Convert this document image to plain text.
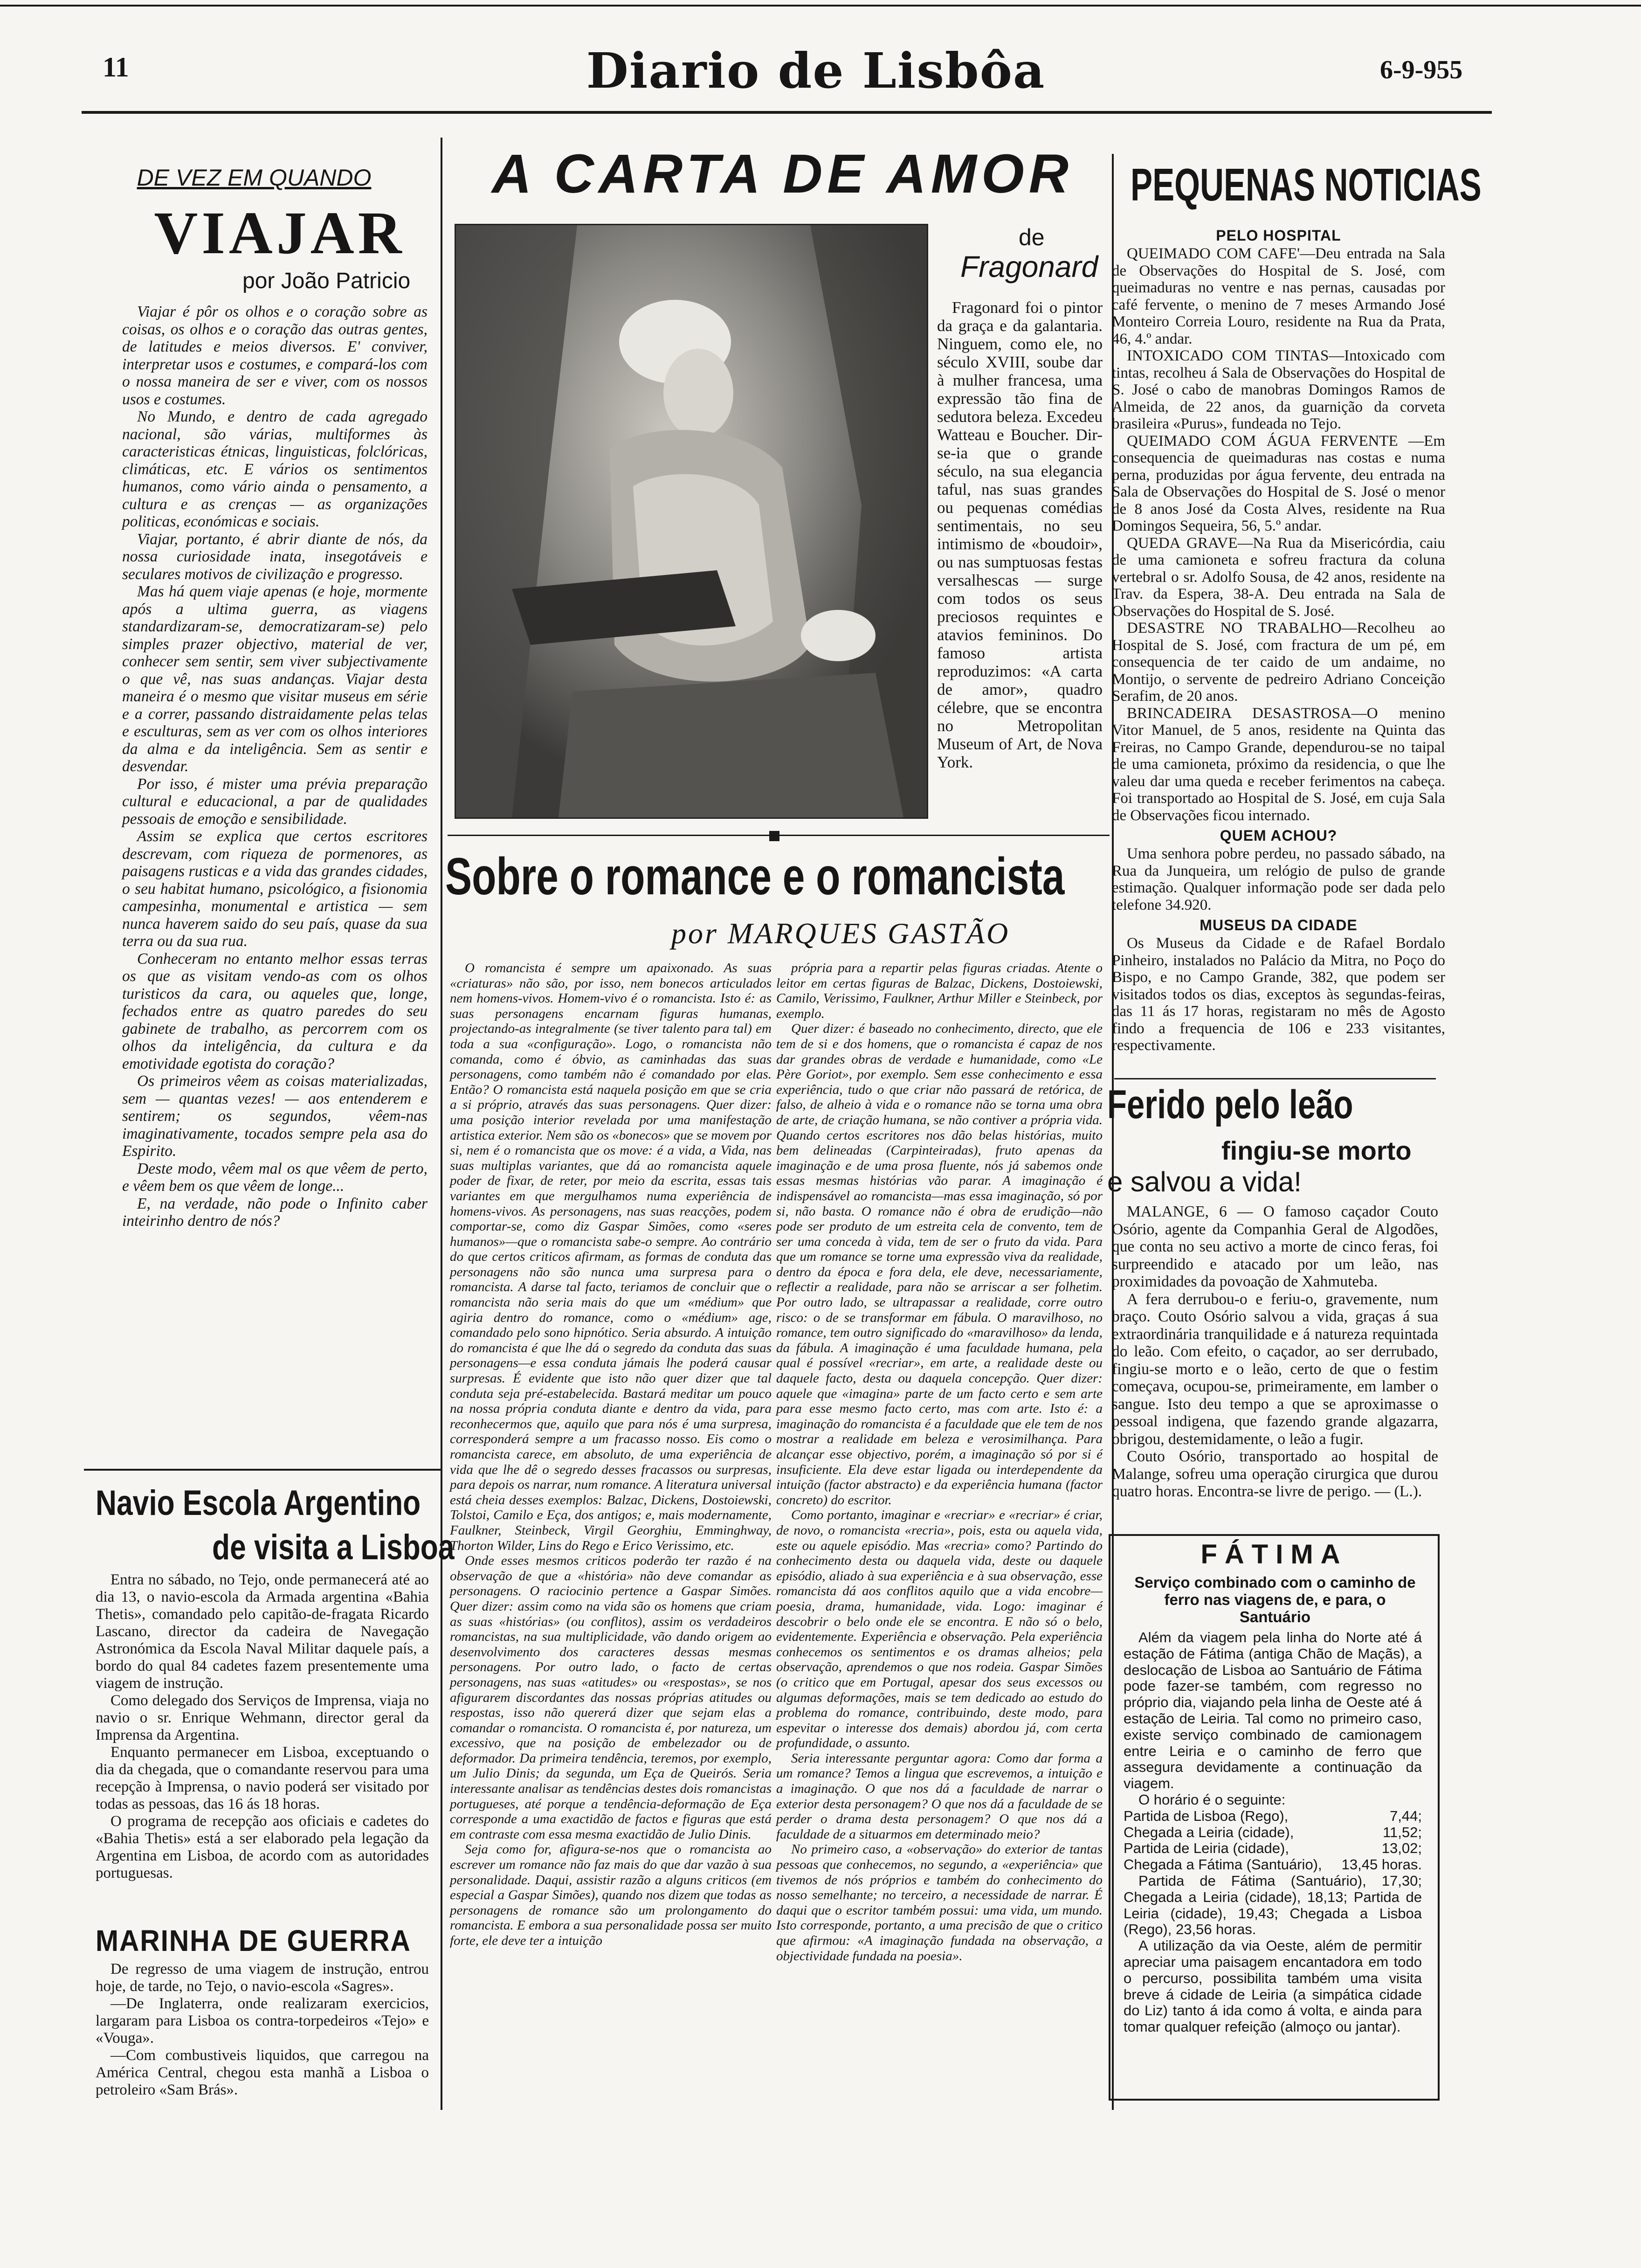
11	Diario de Lisbôa	6-9-955
DE VEZ EM QUANDO
VIAJAR
por João Patricio

Viajar é pôr os olhos e o coração sobre as coisas, os olhos e o coração das outras gentes, de latitudes e meios diversos. E' conviver, interpretar usos e costumes, e compará-los com o nossa maneira de ser e viver, com os nossos usos e costumes.

No Mundo, e dentro de cada agregado nacional, são várias, multiformes às caracteristicas étnicas, linguisticas, folclóricas, climáticas, etc. E vários os sentimentos humanos, como vário ainda o pensamento, a cultura e as crenças — as organizações politicas, económicas e sociais.

Viajar, portanto, é abrir diante de nós, da nossa curiosidade inata, insegotáveis e seculares motivos de civilização e progresso.

Mas há quem viaje apenas (e hoje, mormente após a ultima guerra, as viagens standardizaram-se, democratizaram-se) pelo simples prazer objectivo, material de ver, conhecer sem sentir, sem viver subjectivamente o que vê, nas suas andanças. Viajar desta maneira é o mesmo que visitar museus em série e a correr, passando distraidamente pelas telas e esculturas, sem as ver com os olhos interiores da alma e da inteligência. Sem as sentir e desvendar.

Por isso, é mister uma prévia preparação cultural e educacional, a par de qualidades pessoais de emoção e sensibilidade.

Assim se explica que certos escritores descrevam, com riqueza de pormenores, as paisagens rusticas e a vida das grandes cidades, o seu habitat humano, psicológico, a fisionomia campesinha, monumental e artistica — sem nunca haverem saido do seu país, quase da sua terra ou da sua rua.

Conheceram no entanto melhor essas terras os que as visitam vendo-as com os olhos turisticos da cara, ou aqueles que, longe, fechados entre as quatro paredes do seu gabinete de trabalho, as percorrem com os olhos da inteligência, da cultura e da emotividade egotista do coração?

Os primeiros vêem as coisas materializadas, sem — quantas vezes! — aos entenderem e sentirem; os segundos, vêem-nas imaginativamente, tocados sempre pela asa do Espirito.

Deste modo, vêem mal os que vêem de perto, e vêem bem os que vêem de longe...

E, na verdade, não pode o Infinito caber inteirinho dentro de nós?

Navio Escola Argentino
de visita a Lisboa

Entra no sábado, no Tejo, onde permanecerá até ao dia 13, o navio-escola da Armada argentina «Bahia Thetis», comandado pelo capitão-de-fragata Ricardo Lascano, director da cadeira de Navegação Astronómica da Escola Naval Militar daquele país, a bordo do qual 84 cadetes fazem presentemente uma viagem de instrução.

Como delegado dos Serviços de Imprensa, viaja no navio o sr. Enrique Wehmann, director geral da Imprensa da Argentina.

Enquanto permanecer em Lisboa, exceptuando o dia da chegada, que o comandante reservou para uma recepção à Imprensa, o navio poderá ser visitado por todas as pessoas, das 16 ás 18 horas.

O programa de recepção aos oficiais e cadetes do «Bahia Thetis» está a ser elaborado pela legação da Argentina em Lisboa, de acordo com as autoridades portuguesas.

MARINHA DE GUERRA

De regresso de uma viagem de instrução, entrou hoje, de tarde, no Tejo, o navio-escola «Sagres».

—De Inglaterra, onde realizaram exercicios, largaram para Lisboa os contra-torpedeiros «Tejo» e «Vouga».

—Com combustiveis liquidos, que carregou na América Central, chegou esta manhã a Lisboa o petroleiro «Sam Brás».

A CARTA DE AMOR
de
Fragonard

Fragonard foi o pintor da graça e da galantaria. Ninguem, como ele, no século XVIII, soube dar à mulher francesa, uma expressão tão fina de sedutora beleza. Excedeu Watteau e Boucher. Dir-se-ia que o grande século, na sua elegancia taful, nas suas grandes ou pequenas comédias sentimentais, no seu intimismo de «boudoir», ou nas sumptuosas festas versalhescas — surge com todos os seus preciosos requintes e atavios femininos. Do famoso artista reproduzimos: «A carta de amor», quadro célebre, que se encontra no Metropolitan Museum of Art, de Nova York.

Sobre o romance e o romancista
por MARQUES GASTÃO

O romancista é sempre um apaixonado. As suas «criaturas» não são, por isso, nem bonecos articulados nem homens-vivos. Homem-vivo é o romancista. Isto é: as suas personagens encarnam figuras humanas, projectando-as integralmente (se tiver talento para tal) em toda a sua «configuração». Logo, o romancista não comanda, como é óbvio, as caminhadas das suas personagens, como também não é comandado por elas. Então? O romancista está naquela posição em que se cria a si próprio, através das suas personagens. Quer dizer: uma posição interior revelada por uma manifestação artistica exterior. Nem são os «bonecos» que se movem por si, nem é o romancista que os move: é a vida, a Vida, nas suas multiplas variantes, que dá ao romancista aquele poder de fixar, de reter, por meio da escrita, essas tais variantes em que mergulhamos numa experiência de homens-vivos. As personagens, nas suas reacções, podem comportar-se, como diz Gaspar Simões, como «seres humanos»—que o romancista sabe-o sempre. Ao contrário do que certos criticos afirmam, as formas de conduta das personagens não são nunca uma surpresa para o romancista. A darse tal facto, teriamos de concluir que o romancista não seria mais do que um «médium» que agiria dentro do romance, como o «médium» age, comandado pelo sono hipnótico. Seria absurdo. A intuição do romancista é que lhe dá o segredo da conduta das suas personagens—e essa conduta jámais lhe poderá causar surpresas. É evidente que isto não quer dizer que tal conduta seja pré-estabelecida. Bastará meditar um pouco na nossa própria conduta diante e dentro da vida, para reconhecermos que, aquilo que para nós é uma surpresa, corresponderá sempre a um fracasso nosso. Eis como o romancista carece, em absoluto, de uma experiência de vida que lhe dê o segredo desses fracassos ou surpresas, para depois os narrar, num romance. A literatura universal está cheia desses exemplos: Balzac, Dickens, Dostoiewski, Tolstoi, Camilo e Eça, dos antigos; e, mais modernamente, Faulkner, Steinbeck, Virgil Georghiu, Emminghway, Thorton Wilder, Lins do Rego e Erico Verissimo, etc.

Onde esses mesmos criticos poderão ter razão é na observação de que a «história» não deve comandar as personagens. O raciocinio pertence a Gaspar Simões. Quer dizer: assim como na vida são os homens que criam as suas «histórias» (ou conflitos), assim os verdadeiros romancistas, na sua multiplicidade, vão dando origem ao desenvolvimento dos caracteres dessas mesmas personagens. Por outro lado, o facto de certas personagens, nas suas «atitudes» ou «respostas», se nos afigurarem discordantes das nossas próprias atitudes ou respostas, isso não quererá dizer que sejam elas a comandar o romancista. O romancista é, por natureza, um excessivo, que na posição de embelezador ou de deformador. Da primeira tendência, teremos, por exemplo, um Julio Dinis; da segunda, um Eça de Queirós. Seria interessante analisar as tendências destes dois romancistas portugueses, até porque a tendência-deformação de Eça corresponde a uma exactidão de factos e figuras que está em contraste com essa mesma exactidão de Julio Dinis.

Seja como for, afigura-se-nos que o romancista ao escrever um romance não faz mais do que dar vazão à sua personalidade. Daqui, assistir razão a alguns criticos (em especial a Gaspar Simões), quando nos dizem que todas as personagens de romance são um prolongamento do romancista. E embora a sua personalidade possa ser muito forte, ele deve ter a intuição

própria para a repartir pelas figuras criadas. Atente o leitor em certas figuras de Balzac, Dickens, Dostoiewski, Camilo, Verissimo, Faulkner, Arthur Miller e Steinbeck, por exemplo.

Quer dizer: é baseado no conhecimento, directo, que ele tem de si e dos homens, que o romancista é capaz de nos dar grandes obras de verdade e humanidade, como «Le Père Goriot», por exemplo. Sem esse conhecimento e essa experiência, tudo o que criar não passará de retórica, de falso, de alheio à vida e o romance não se torna uma obra de arte, de criação humana, se não contiver a própria vida. Quando certos escritores nos dão belas histórias, muito bem delineadas (Carpinteiradas), fruto apenas da imaginação e de uma prosa fluente, nós já sabemos onde essas mesmas histórias vão parar. A imaginação é indispensável ao romancista—mas essa imaginação, só por si, não basta. O romance não é obra de erudição—não pode ser produto de um estreita cela de convento, tem de ser uma conceda à vida, tem de ser o fruto da vida. Para que um romance se torne uma expressão viva da realidade, dentro da época e fora dela, ele deve, necessariamente, reflectir a realidade, para não se arriscar a ser folhetim. Por outro lado, se ultrapassar a realidade, corre outro risco: o de se transformar em fábula. O maravilhoso, no romance, tem outro significado do «maravilhoso» da lenda, da fábula. A imaginação é uma faculdade humana, pela qual é possível «recriar», em arte, a realidade deste ou daquele facto, desta ou daquela concepção. Quer dizer: aquele que «imagina» parte de um facto certo e sem arte para esse mesmo facto certo, mas com arte. Isto é: a imaginação do romancista é a faculdade que ele tem de nos mostrar a realidade em beleza e verosimilhança. Para alcançar esse objectivo, porém, a imaginação só por si é insuficiente. Ela deve estar ligada ou interdependente da intuição (factor abstracto) e da experiência humana (factor concreto) do escritor.

Como portanto, imaginar e «recriar» e «recriar» é criar, de novo, o romancista «recria», pois, esta ou aquela vida, este ou aquele episódio. Mas «recria» como? Partindo do conhecimento desta ou daquela vida, deste ou daquele episódio, aliado à sua experiência e à sua observação, esse romancista dá aos conflitos aquilo que a vida encobre—poesia, drama, humanidade, vida. Logo: imaginar é descobrir o belo onde ele se encontra. E não só o belo, evidentemente. Experiência e observação. Pela experiência conhecemos os sentimentos e os dramas alheios; pela observação, aprendemos o que nos rodeia. Gaspar Simões (o critico que em Portugal, apesar dos seus excessos ou algumas deformações, mais se tem dedicado ao estudo do problema do romance, contribuindo, deste modo, para espevitar o interesse dos demais) abordou já, com certa profundidade, o assunto.

Seria interessante perguntar agora: Como dar forma a um romance? Temos a lingua que escrevemos, a intuição e a imaginação. O que nos dá a faculdade de narrar o exterior desta personagem? O que nos dá a faculdade de se perder o drama desta personagem? O que nos dá a faculdade de a situarmos em determinado meio?

No primeiro caso, a «observação» do exterior de tantas pessoas que conhecemos, no segundo, a «experiência» que tivemos de nós próprios e também do conhecimento do nosso semelhante; no terceiro, a necessidade de narrar. É daqui que o escritor também possui: uma vida, um mundo. Isto corresponde, portanto, a uma precisão de que o critico que afirmou: «A imaginação fundada na observação, a objectividade fundada na poesia».

PEQUENAS NOTICIAS
PELO HOSPITAL

QUEIMADO COM CAFE'—Deu entrada na Sala de Observações do Hospital de S. José, com queimaduras no ventre e nas pernas, causadas por café fervente, o menino de 7 meses Armando José Monteiro Correia Louro, residente na Rua da Prata, 46, 4.º andar.

INTOXICADO COM TINTAS—Intoxicado com tintas, recolheu á Sala de Observações do Hospital de S. José o cabo de manobras Domingos Ramos de Almeida, de 22 anos, da guarnição da corveta brasileira «Purus», fundeada no Tejo.

QUEIMADO COM ÁGUA FERVENTE —Em consequencia de queimaduras nas costas e numa perna, produzidas por água fervente, deu entrada na Sala de Observações do Hospital de S. José o menor de 8 anos José da Costa Alves, residente na Rua Domingos Sequeira, 56, 5.º andar.

QUEDA GRAVE—Na Rua da Misericórdia, caiu de uma camioneta e sofreu fractura da coluna vertebral o sr. Adolfo Sousa, de 42 anos, residente na Trav. da Espera, 38-A. Deu entrada na Sala de Observações do Hospital de S. José.

DESASTRE NO TRABALHO—Recolheu ao Hospital de S. José, com fractura de um pé, em consequencia de ter caido de um andaime, no Montijo, o servente de pedreiro Adriano Conceição Serafim, de 20 anos.

BRINCADEIRA DESASTROSA—O menino Vitor Manuel, de 5 anos, residente na Quinta das Freiras, no Campo Grande, dependurou-se no taipal de uma camioneta, próximo da residencia, o que lhe valeu dar uma queda e receber ferimentos na cabeça. Foi transportado ao Hospital de S. José, em cuja Sala de Observações ficou internado.

QUEM ACHOU?

Uma senhora pobre perdeu, no passado sábado, na Rua da Junqueira, um relógio de pulso de grande estimação. Qualquer informação pode ser dada pelo telefone 34.920.

MUSEUS DA CIDADE

Os Museus da Cidade e de Rafael Bordalo Pinheiro, instalados no Palácio da Mitra, no Poço do Bispo, e no Campo Grande, 382, que podem ser visitados todos os dias, exceptos às segundas-feiras, das 11 ás 17 horas, registaram no mês de Agosto findo a frequencia de 106 e 233 visitantes, respectivamente.

Ferido pelo leão
fingiu-se morto
e salvou a vida!

MALANGE, 6 — O famoso caçador Couto Osório, agente da Companhia Geral de Algodões, que conta no seu activo a morte de cinco feras, foi surpreendido e atacado por um leão, nas proximidades da povoação de Xahmuteba.

A fera derrubou-o e feriu-o, gravemente, num braço. Couto Osório salvou a vida, graças á sua extraordinária tranquilidade e á natureza requintada do leão. Com efeito, o caçador, ao ser derrubado, fingiu-se morto e o leão, certo de que o festim começava, ocupou-se, primeiramente, em lamber o sangue. Isto deu tempo a que se aproximasse o pessoal indigena, que fazendo grande algazarra, obrigou, destemidamente, o leão a fugir.

Couto Osório, transportado ao hospital de Malange, sofreu uma operação cirurgica que durou quatro horas. Encontra-se livre de perigo. — (L.).

FÁTIMA
Serviço combinado com o caminho de ferro nas viagens de, e para, o Santuário

Além da viagem pela linha do Norte até á estação de Fátima (antiga Chão de Maçãs), a deslocação de Lisboa ao Santuário de Fátima pode fazer-se também, com regresso no próprio dia, viajando pela linha de Oeste até á estação de Leiria. Tal como no primeiro caso, existe serviço combinado de camionagem entre Leiria e o caminho de ferro que assegura devidamente a continuação da viagem.

O horário é o seguinte:

Partida de Lisboa (Rego),	7,44;
Chegada a Leiria (cidade),	11,52;
Partida de Leiria (cidade),	13,02;
Chegada a Fátima (Santuário), 13,45 horas.

Partida de Fátima (Santuário), 17,30; Chegada a Leiria (cidade), 18,13; Partida de Leiria (cidade), 19,43; Chegada a Lisboa (Rego), 23,56 horas.

A utilização da via Oeste, além de permitir apreciar uma paisagem encantadora em todo o percurso, possibilita também uma visita breve á cidade de Leiria (a simpática cidade do Liz) tanto á ida como á volta, e ainda para tomar qualquer refeição (almoço ou jantar).
